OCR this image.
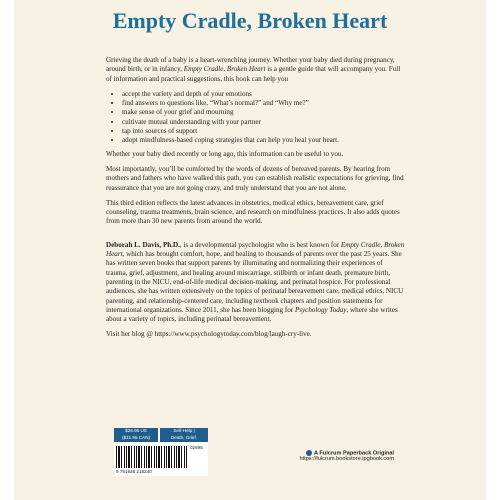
Empty Cradle, Broken Heart

Grieving the death of a baby is a heart-wrenching journey. Whether your baby died during pregnancy, around birth, or in infancy, Empty Cradle, Broken Heart is a gentle guide that will accompany you. Full of information and practical suggestions, this book can help you

• accept the variety and depth of your emotions
• find answers to questions like, “What’s normal?” and “Why me?”
• make sense of your grief and mourning
• cultivate mutual understanding with your partner
• tap into sources of support
• adopt mindfulness-based coping strategies that can help you heal your heart.

Whether your baby died recently or long ago, this information can be useful to you.

Most importantly, you’ll be comforted by the words of dozens of bereaved parents. By hearing from mothers and fathers who have walked this path, you can establish realistic expectations for grieving, find reassurance that you are not going crazy, and truly understand that you are not alone.

This third edition reflects the latest advances in obstetrics, medical ethics, bereavement care, grief counseling, trauma treatments, brain science, and research on mindfulness practices. It also adds quotes from more than 30 new parents from around the world.

Deborah L. Davis, Ph.D., is a developmental psychologist who is best known for Empty Cradle, Broken Heart, which has brought comfort, hope, and healing to thousands of parents over the past 25 years. She has written seven books that support parents by illuminating and normalizing their experiences of trauma, grief, adjustment, and healing around miscarriage, stillbirth or infant death, premature birth, parenting in the NICU, end-of-life medical decision-making, and perinatal hospice. For professional audiences, she has written extensively on the topics of perinatal bereavement care, medical ethics, NICU parenting, and relationship-centered care, including textbook chapters and position statements for international organizations. Since 2011, she has been blogging for Psychology Today, where she writes about a variety of topics, including perinatal bereavement.

Visit her blog @ https://www.psychologytoday.com/blog/laugh-cry-live.

$26.95 US
($31.95 CAN)
Self-Help |
Death, Grief, Bereavement
02695
9 781936 218240
A Fulcrum Paperback Original
https://fulcrum.bookstore.ipgbook.com
